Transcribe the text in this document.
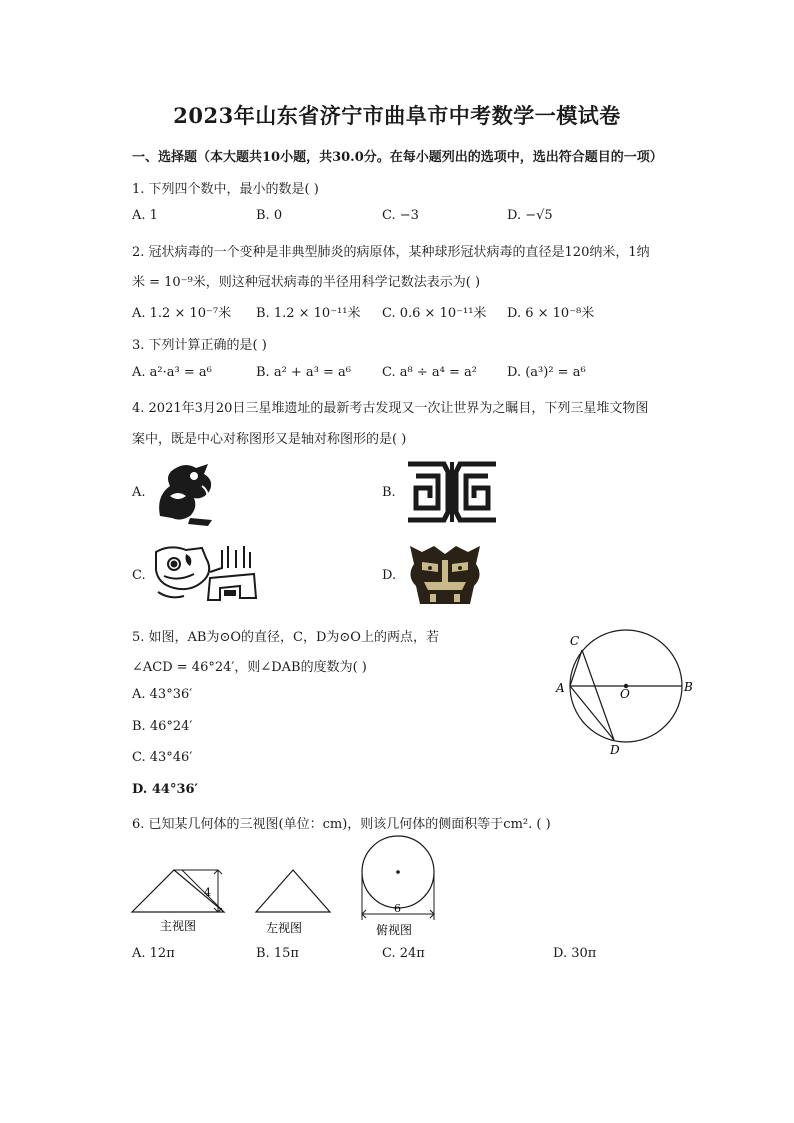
2023年山东省济宁市曲阜市中考数学一模试卷
一、选择题（本大题共10小题，共30.0分。在每小题列出的选项中，选出符合题目的一项）
1. 下列四个数中，最小的数是( )
A. 1	B. 0	C. −3	D. −√5
2. 冠状病毒的一个变种是非典型肺炎的病原体，某种球形冠状病毒的直径是120纳米，1纳
米 = 10⁻⁹米，则这种冠状病毒的半径用科学记数法表示为( )
A. 1.2 × 10⁻⁷米 B. 1.2 × 10⁻¹¹米 C. 0.6 × 10⁻¹¹米 D. 6 × 10⁻⁸米
3. 下列计算正确的是( )
A. a²·a³ = a⁶	B. a² + a³ = a⁶ C. a⁸ ÷ a⁴ = a² D. (a³)² = a⁶
4. 2021年3月20日三星堆遗址的最新考古发现又一次让世界为之瞩目，下列三星堆文物图
案中，既是中心对称图形又是轴对称图形的是( )
A.	B.
C.	D.
5. 如图，AB为⊙O的直径，C，D为⊙O上的两点，若
∠ACD = 46°24′，则∠DAB的度数为( )
A. 43°36′
B. 46°24′
C. 43°46′
D. 44°36′
C
A	O	B
D
6. 已知某几何体的三视图(单位：cm)，则该几何体的侧面积等于cm². ( )
4
主视图	左视图
6
俯视图
A. 12π	B. 15π	C. 24π	D. 30π
